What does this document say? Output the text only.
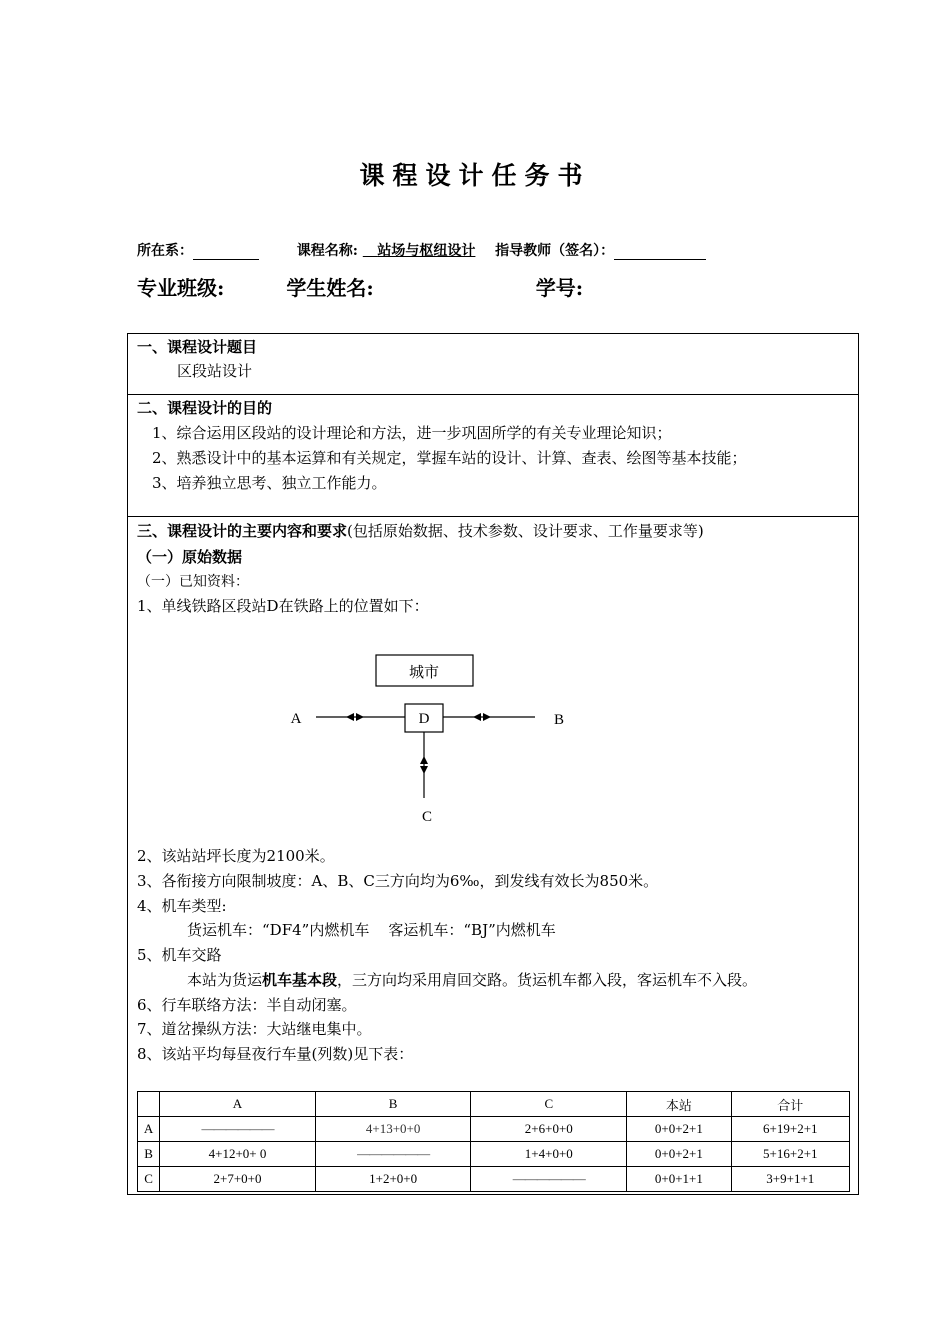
课程设计任务书
所在系：	课程名称: 站场与枢纽设计 指导教师（签名）：
专业班级:	学生姓名:	学号:
一、课程设计题目
区段站设计
二、课程设计的目的
1、综合运用区段站的设计理论和方法，进一步巩固所学的有关专业理论知识；
2、熟悉设计中的基本运算和有关规定，掌握车站的设计、计算、查表、绘图等基本技能；
3、培养独立思考、独立工作能力。
三、课程设计的主要内容和要求(包括原始数据、技术参数、设计要求、工作量要求等)
（一）原始数据
（一）已知资料：
1、单线铁路区段站D在铁路上的位置如下：
城市
D
A	B
C
2、该站站坪长度为2100米。
3、各衔接方向限制坡度：A、B、C三方向均为6‰，到发线有效长为850米。
4、机车类型:
货运机车：“DF4”内燃机车    客运机车：“BJ”内燃机车
5、机车交路
本站为货运机车基本段，三方向均采用肩回交路。货运机车都入段，客运机车不入段。
6、行车联络方法：半自动闭塞。
7、道岔操纵方法：大站继电集中。
8、该站平均每昼夜行车量(列数)见下表：
	A	B	C	本站	合计
A	——————	4+13+0+0	2+6+0+0	0+0+2+1	6+19+2+1
B	4+12+0+ 0	——————	1+4+0+0	0+0+2+1	5+16+2+1
C	2+7+0+0	1+2+0+0	——————	0+0+1+1	3+9+1+1
